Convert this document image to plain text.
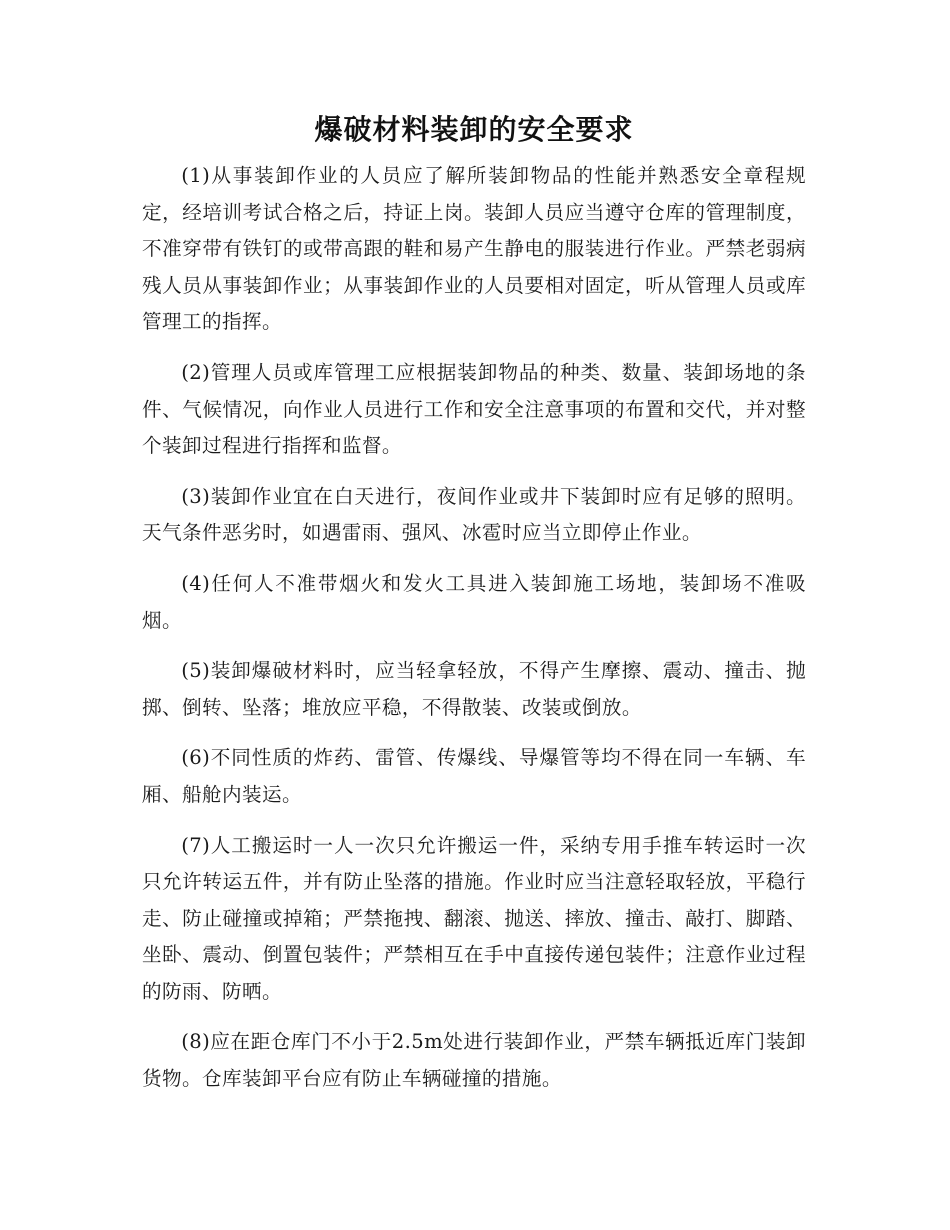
爆破材料装卸的安全要求

(1)从事装卸作业的人员应了解所装卸物品的性能并熟悉安全章程规定，经培训考试合格之后，持证上岗。装卸人员应当遵守仓库的管理制度，不准穿带有铁钉的或带高跟的鞋和易产生静电的服装进行作业。严禁老弱病残人员从事装卸作业；从事装卸作业的人员要相对固定，听从管理人员或库管理工的指挥。

(2)管理人员或库管理工应根据装卸物品的种类、数量、装卸场地的条件、气候情况，向作业人员进行工作和安全注意事项的布置和交代，并对整个装卸过程进行指挥和监督。

(3)装卸作业宜在白天进行，夜间作业或井下装卸时应有足够的照明。天气条件恶劣时，如遇雷雨、强风、冰雹时应当立即停止作业。

(4)任何人不准带烟火和发火工具进入装卸施工场地，装卸场不准吸烟。

(5)装卸爆破材料时，应当轻拿轻放，不得产生摩擦、震动、撞击、抛掷、倒转、坠落；堆放应平稳，不得散装、改装或倒放。

(6)不同性质的炸药、雷管、传爆线、导爆管等均不得在同一车辆、车厢、船舱内装运。

(7)人工搬运时一人一次只允许搬运一件，采纳专用手推车转运时一次只允许转运五件，并有防止坠落的措施。作业时应当注意轻取轻放，平稳行走、防止碰撞或掉箱；严禁拖拽、翻滚、抛送、摔放、撞击、敲打、脚踏、坐卧、震动、倒置包装件；严禁相互在手中直接传递包装件；注意作业过程的防雨、防晒。

(8)应在距仓库门不小于2.5m处进行装卸作业，严禁车辆抵近库门装卸货物。仓库装卸平台应有防止车辆碰撞的措施。
